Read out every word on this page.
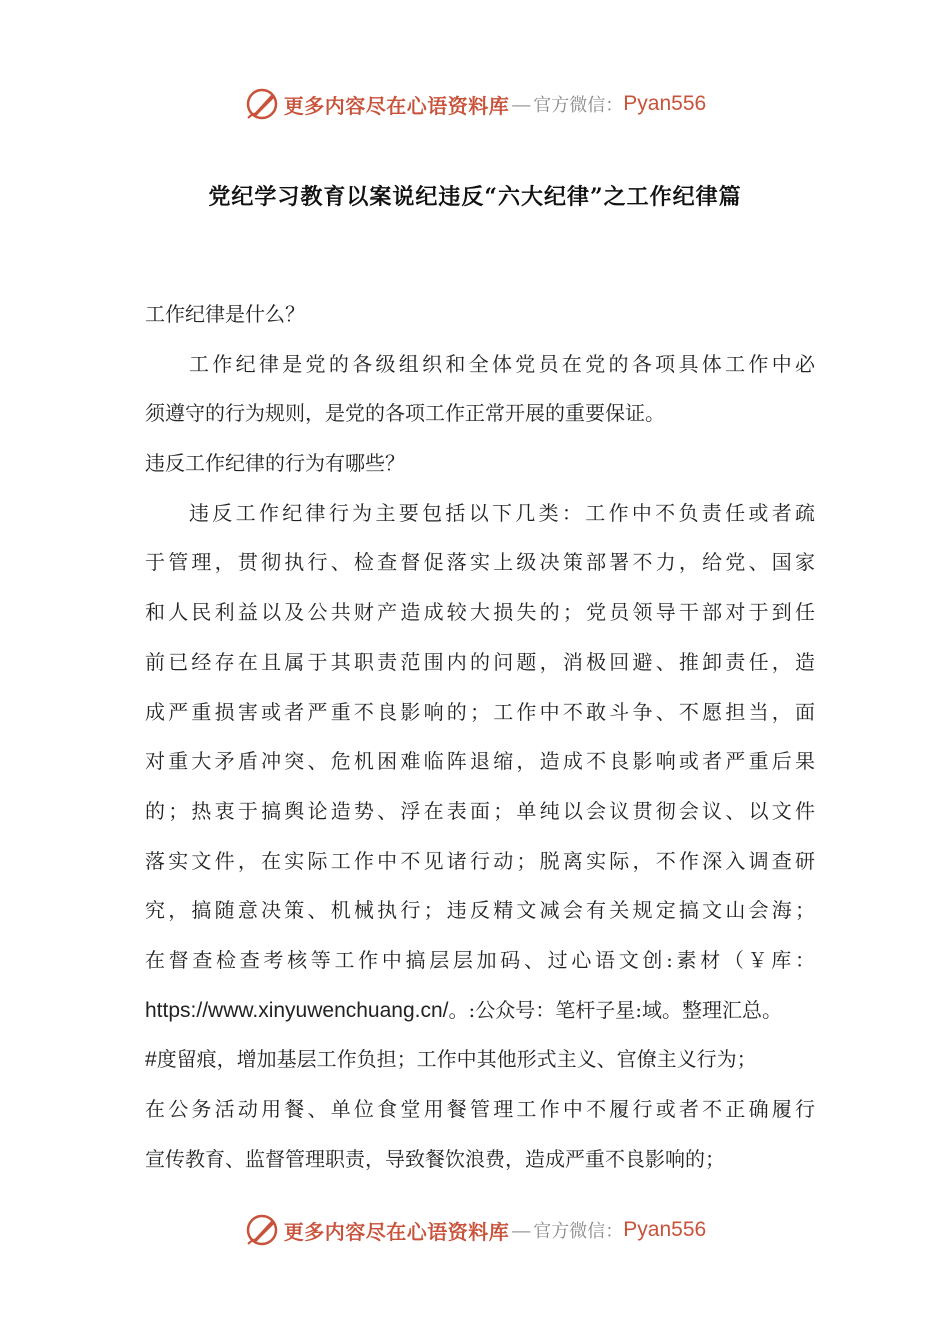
更多内容尽在心语资料库 — 官方微信： Pyan556
党纪学习教育以案说纪违反“六大纪律”之工作纪律篇
工作纪律是什么？
工作纪律是党的各级组织和全体党员在党的各项具体工作中必
须遵守的行为规则，是党的各项工作正常开展的重要保证。
违反工作纪律的行为有哪些？
违反工作纪律行为主要包括以下几类：工作中不负责任或者疏
于管理，贯彻执行、检查督促落实上级决策部署不力，给党、国家
和人民利益以及公共财产造成较大损失的；党员领导干部对于到任
前已经存在且属于其职责范围内的问题，消极回避、推卸责任，造
成严重损害或者严重不良影响的；工作中不敢斗争、不愿担当，面
对重大矛盾冲突、危机困难临阵退缩，造成不良影响或者严重后果
的；热衷于搞舆论造势、浮在表面；单纯以会议贯彻会议、以文件
落实文件，在实际工作中不见诸行动；脱离实际，不作深入调查研
究，搞随意决策、机械执行；违反精文减会有关规定搞文山会海；
在督查检查考核等工作中搞层层加码、过心语文创:素材（￥库：
https://www.xinyuwenchuang.cn/。:公众号：笔杆子星:域。整理汇总。
#度留痕，增加基层工作负担；工作中其他形式主义、官僚主义行为；
在公务活动用餐、单位食堂用餐管理工作中不履行或者不正确履行
宣传教育、监督管理职责，导致餐饮浪费，造成严重不良影响的；
更多内容尽在心语资料库 — 官方微信： Pyan556
